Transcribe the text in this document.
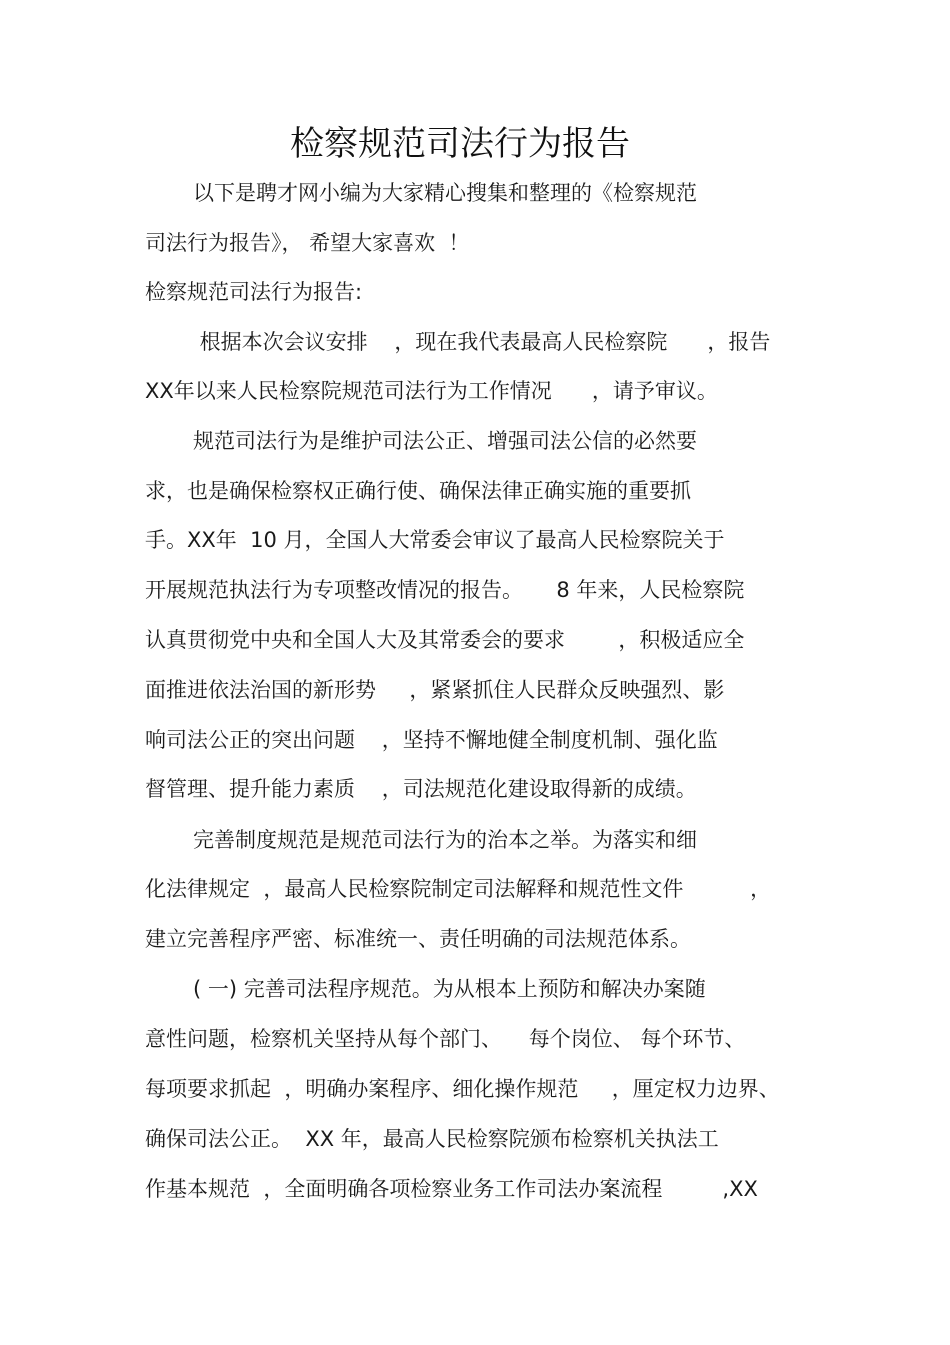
检察规范司法行为报告
以下是聘才网小编为大家精心搜集和整理的《检察规范
司法行为报告》， 希望大家喜欢  ！
检察规范司法行为报告:
根据本次会议安排    ，现在我代表最高人民检察院      ，报告
XX年以来人民检察院规范司法行为工作情况      ，请予审议。
规范司法行为是维护司法公正、增强司法公信的必然要
求，也是确保检察权正确行使、确保法律正确实施的重要抓
手。XX年  10 月，全国人大常委会审议了最高人民检察院关于
开展规范执法行为专项整改情况的报告。     8 年来，人民检察院
认真贯彻党中央和全国人大及其常委会的要求        ，积极适应全
面推进依法治国的新形势     ，紧紧抓住人民群众反映强烈、影
响司法公正的突出问题    ，坚持不懈地健全制度机制、强化监
督管理、提升能力素质    ，司法规范化建设取得新的成绩。
完善制度规范是规范司法行为的治本之举。为落实和细
化法律规定  ，最高人民检察院制定司法解释和规范性文件          ，
建立完善程序严密、标准统一、责任明确的司法规范体系。
( 一) 完善司法程序规范。为从根本上预防和解决办案随
意性问题，检察机关坚持从每个部门、    每个岗位、 每个环节、
每项要求抓起  ，明确办案程序、细化操作规范     ，厘定权力边界、
确保司法公正。  XX 年，最高人民检察院颁布检察机关执法工
作基本规范  ，全面明确各项检察业务工作司法办案流程         ,XX
